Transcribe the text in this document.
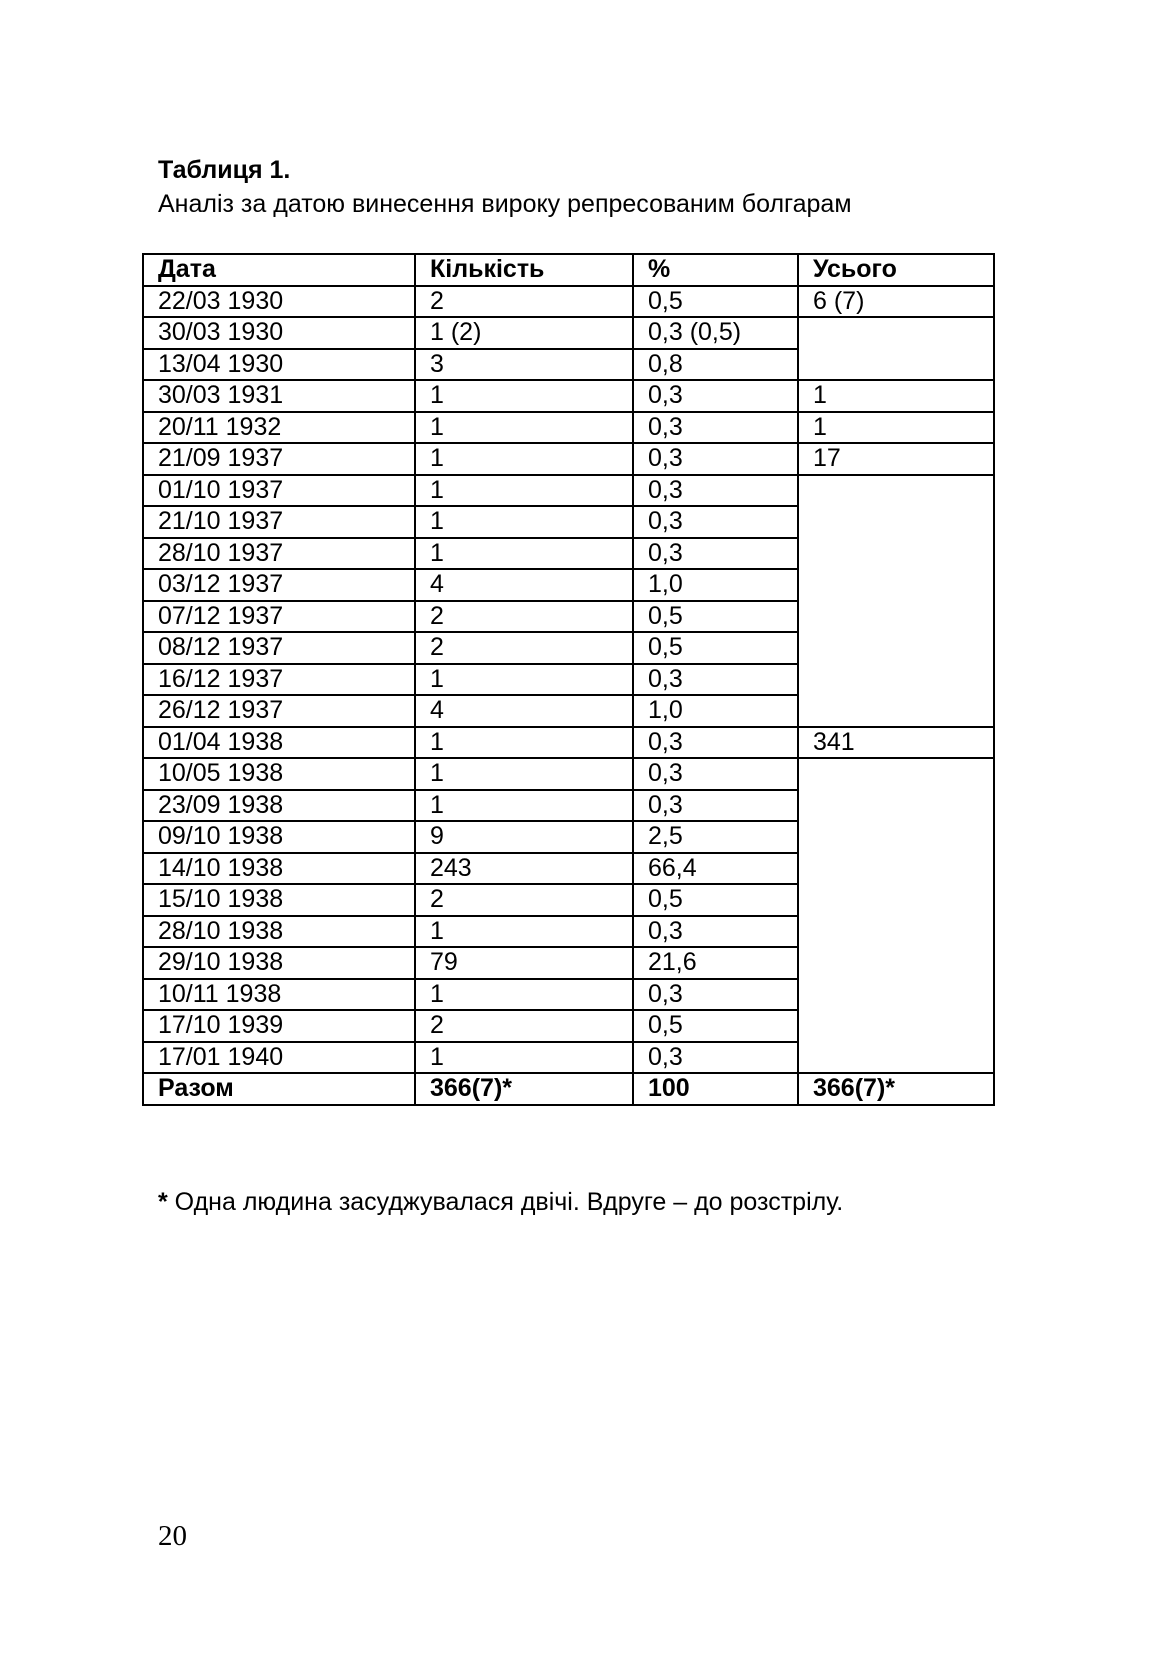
Таблиця 1.
Аналіз за датою винесення вироку репресованим болгарам
Дата	Кількість	%	Усього
22/03 1930	2	0,5	6 (7)
30/03 1930	1 (2)	0,3 (0,5)	
13/04 1930	3	0,8	
30/03 1931	1	0,3	1
20/11 1932	1	0,3	1
21/09 1937	1	0,3	17
01/10 1937	1	0,3	
21/10 1937	1	0,3	
28/10 1937	1	0,3	
03/12 1937	4	1,0	
07/12 1937	2	0,5	
08/12 1937	2	0,5	
16/12 1937	1	0,3	
26/12 1937	4	1,0	
01/04 1938	1	0,3	341
10/05 1938	1	0,3	
23/09 1938	1	0,3	
09/10 1938	9	2,5	
14/10 1938	243	66,4	
15/10 1938	2	0,5	
28/10 1938	1	0,3	
29/10 1938	79	21,6	
10/11 1938	1	0,3	
17/10 1939	2	0,5	
17/01 1940	1	0,3	
Разом	366(7)*	100	366(7)*
* Одна людина засуджувалася двічі. Вдруге – до розстрілу.
20
